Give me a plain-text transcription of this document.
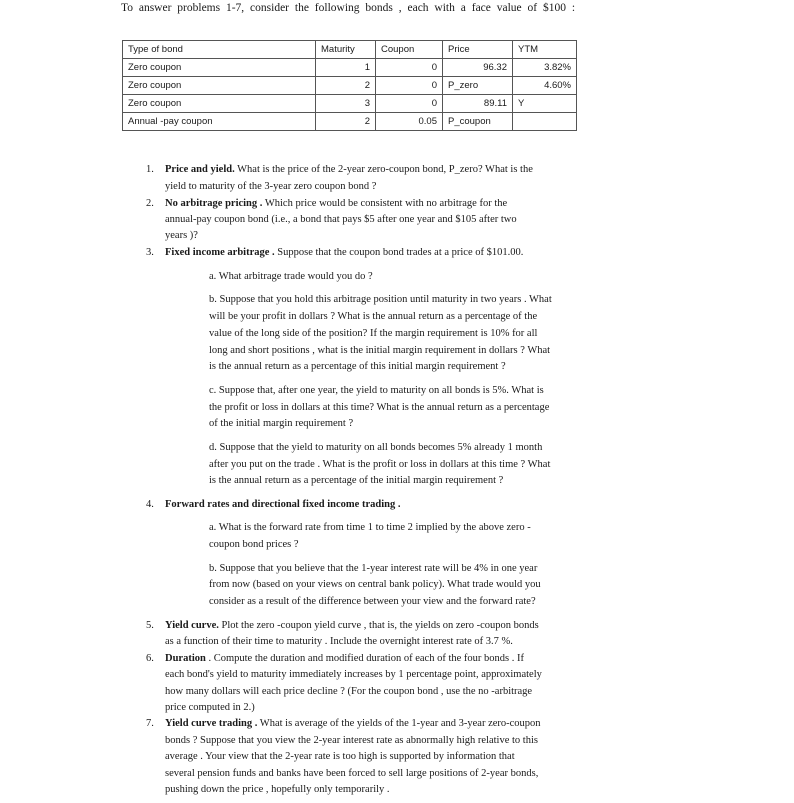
To answer problems 1-7, consider the following bonds , each with a face value of $100 :
Type of bond	Maturity	Coupon	Price	YTM
Zero coupon	1	0	96.32	3.82%
Zero coupon	2	0	P_zero	4.60%
Zero coupon	3	0	89.11	Y
Annual -pay coupon	2	0.05	P_coupon	
1. Price and yield. What is the price of the 2-year zero-coupon bond, P_zero? What is the
yield to maturity of the 3-year zero coupon bond ?
2. No arbitrage pricing . Which price would be consistent with no arbitrage for the
annual-pay coupon bond (i.e., a bond that pays $5 after one year and $105 after two
years )?
3. Fixed income arbitrage . Suppose that the coupon bond trades at a price of $101.00.
a. What arbitrage trade would you do ?
b. Suppose that you hold this arbitrage position until maturity in two years . What
will be your profit in dollars ? What is the annual return as a percentage of the
value of the long side of the position? If the margin requirement is 10% for all
long and short positions , what is the initial margin requirement in dollars ? What
is the annual return as a percentage of this initial margin requirement ?
c. Suppose that, after one year, the yield to maturity on all bonds is 5%. What is
the profit or loss in dollars at this time? What is the annual return as a percentage
of the initial margin requirement ?
d. Suppose that the yield to maturity on all bonds becomes 5% already 1 month
after you put on the trade . What is the profit or loss in dollars at this time ? What
is the annual return as a percentage of the initial margin requirement ?
4. Forward rates and directional fixed income trading .
a. What is the forward rate from time 1 to time 2 implied by the above zero -
coupon bond prices ?
b. Suppose that you believe that the 1-year interest rate will be 4% in one year
from now (based on your views on central bank policy). What trade would you
consider as a result of the difference between your view and the forward rate?
5. Yield curve. Plot the zero -coupon yield curve , that is, the yields on zero -coupon bonds
as a function of their time to maturity . Include the overnight interest rate of 3.7 %.
6. Duration . Compute the duration and modified duration of each of the four bonds . If
each bond's yield to maturity immediately increases by 1 percentage point, approximately
how many dollars will each price decline ? (For the coupon bond , use the no -arbitrage
price computed in 2.)
7. Yield curve trading . What is average of the yields of the 1-year and 3-year zero-coupon
bonds ? Suppose that you view the 2-year interest rate as abnormally high relative to this
average . Your view that the 2-year rate is too high is supported by information that
several pension funds and banks have been forced to sell large positions of 2-year bonds,
pushing down the price , hopefully only temporarily .
